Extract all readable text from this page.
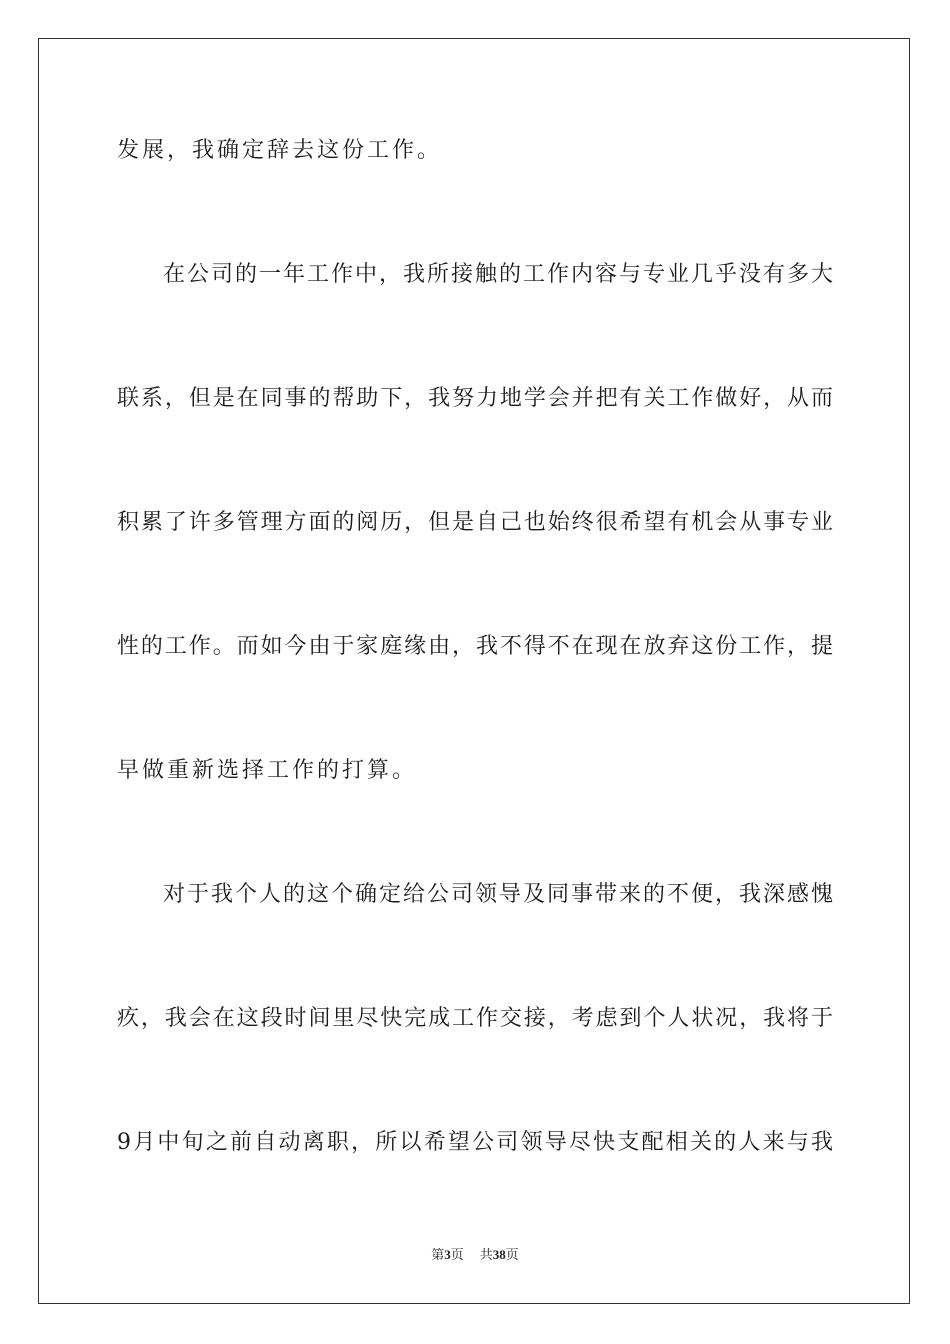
发展，我确定辞去这份工作。
在公司的一年工作中，我所接触的工作内容与专业几乎没有多大
联系，但是在同事的帮助下，我努力地学会并把有关工作做好，从而
积累了许多管理方面的阅历，但是自己也始终很希望有机会从事专业
性的工作。而如今由于家庭缘由，我不得不在现在放弃这份工作，提
早做重新选择工作的打算。
对于我个人的这个确定给公司领导及同事带来的不便，我深感愧
疚，我会在这段时间里尽快完成工作交接，考虑到个人状况，我将于
9月中旬之前自动离职，所以希望公司领导尽快支配相关的人来与我
第3页 共38页
